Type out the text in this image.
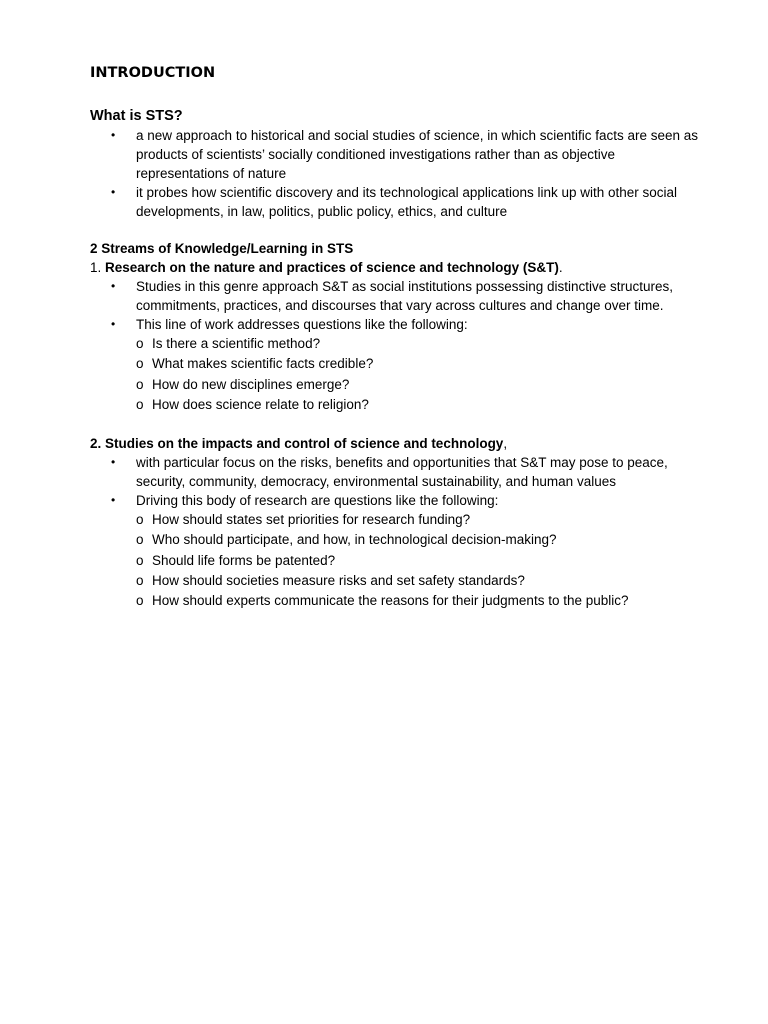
INTRODUCTION
What is STS?
• a new approach to historical and social studies of science, in which scientific facts are seen as products of scientists’ socially conditioned investigations rather than as objective representations of nature
• it probes how scientific discovery and its technological applications link up with other social developments, in law, politics, public policy, ethics, and culture
2 Streams of Knowledge/Learning in STS
1. Research on the nature and practices of science and technology (S&T).
• Studies in this genre approach S&T as social institutions possessing distinctive structures, commitments, practices, and discourses that vary across cultures and change over time.
• This line of work addresses questions like the following:
o Is there a scientific method?
o What makes scientific facts credible?
o How do new disciplines emerge?
o How does science relate to religion?
2. Studies on the impacts and control of science and technology,
• with particular focus on the risks, benefits and opportunities that S&T may pose to peace, security, community, democracy, environmental sustainability, and human values
• Driving this body of research are questions like the following:
o How should states set priorities for research funding?
o Who should participate, and how, in technological decision-making?
o Should life forms be patented?
o How should societies measure risks and set safety standards?
o How should experts communicate the reasons for their judgments to the public?
